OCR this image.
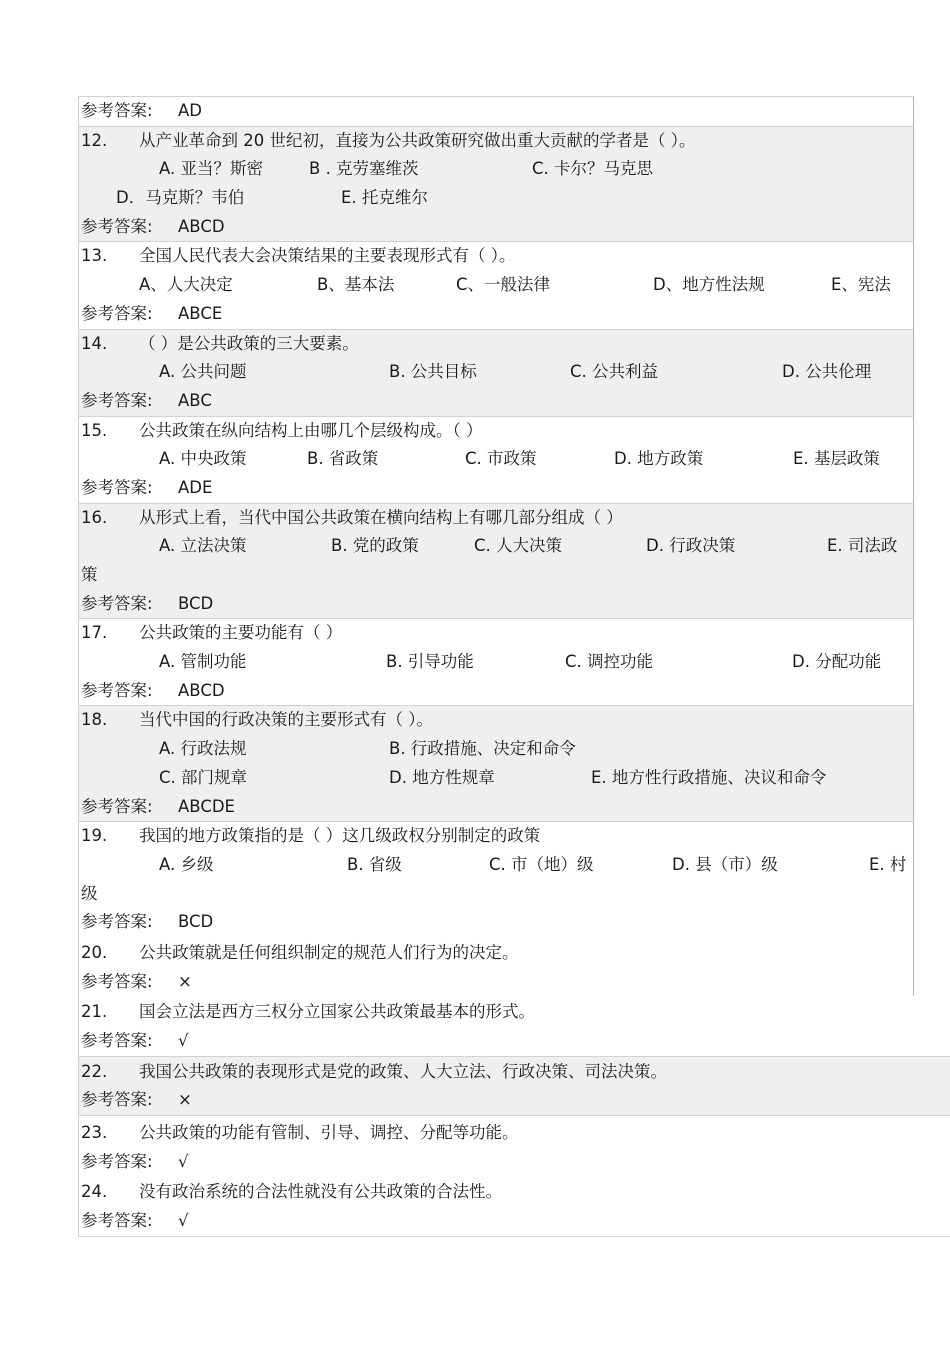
参考答案: AD
12. 从产业革命到 20 世纪初，直接为公共政策研究做出重大贡献的学者是（ ）。
A. 亚当？斯密	B . 克劳塞维茨	C. 卡尔？马克思
D．马克斯？韦伯	E. 托克维尔
参考答案: ABCD
13. 全国人民代表大会决策结果的主要表现形式有（ ）。
A、人大决定	B、基本法	C、一般法律	D、地方性法规	E、宪法
参考答案: ABCE
14. （ ）是公共政策的三大要素。
A. 公共问题	B. 公共目标	C. 公共利益	D. 公共伦理
参考答案: ABC
15. 公共政策在纵向结构上由哪几个层级构成。（ ）
A. 中央政策	B. 省政策	C. 市政策	D. 地方政策	E. 基层政策
参考答案: ADE
16. 从形式上看，当代中国公共政策在横向结构上有哪几部分组成（ ）
A. 立法决策	B. 党的政策	C. 人大决策	D. 行政决策	E. 司法政
策
参考答案: BCD
17. 公共政策的主要功能有（ ）
A. 管制功能	B. 引导功能	C. 调控功能	D. 分配功能
参考答案: ABCD
18. 当代中国的行政决策的主要形式有（ ）。
A. 行政法规	B. 行政措施、决定和命令
C. 部门规章	D. 地方性规章	E. 地方性行政措施、决议和命令
参考答案: ABCDE
19. 我国的地方政策指的是（ ）这几级政权分别制定的政策
A. 乡级	B. 省级	C. 市（地）级	D. 县（市）级	E. 村
级
参考答案: BCD
20. 公共政策就是任何组织制定的规范人们行为的决定。
参考答案: ×
21. 国会立法是西方三权分立国家公共政策最基本的形式。
参考答案: √
22. 我国公共政策的表现形式是党的政策、人大立法、行政决策、司法决策。
参考答案: ×
23. 公共政策的功能有管制、引导、调控、分配等功能。
参考答案: √
24. 没有政治系统的合法性就没有公共政策的合法性。
参考答案: √
